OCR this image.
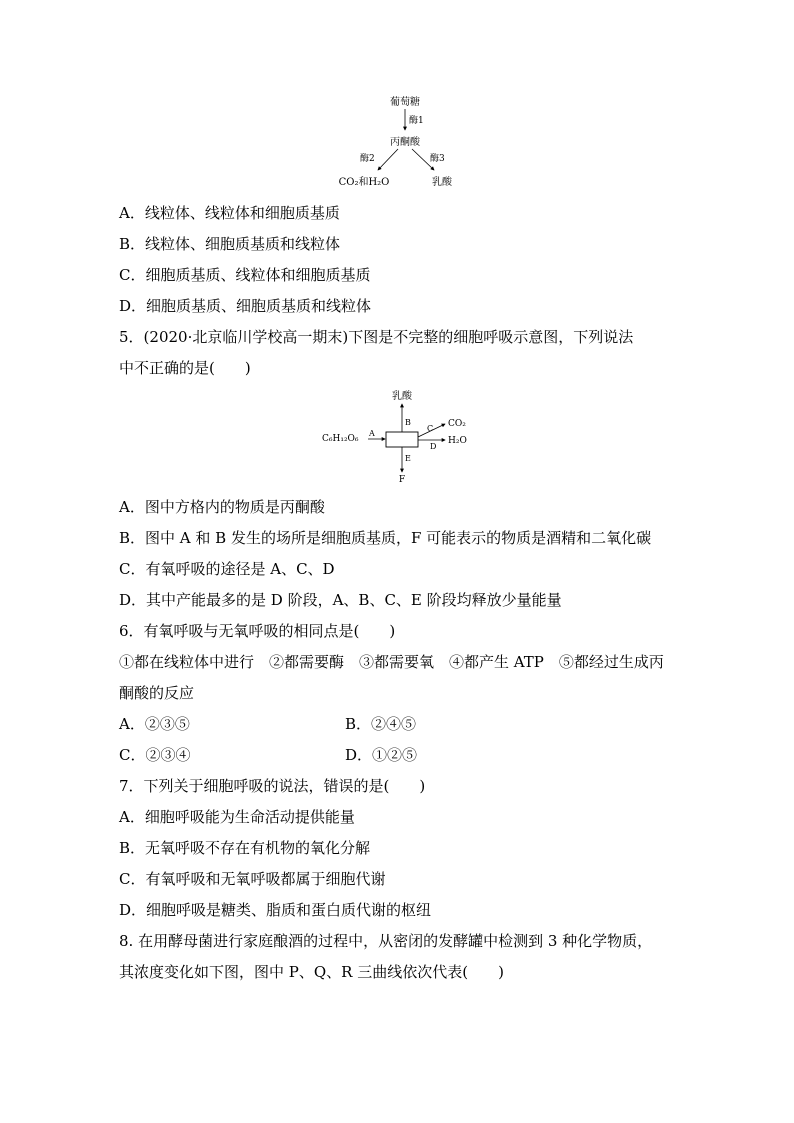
葡萄糖
酶1
丙酮酸
酶2	酶3
CO₂和H₂O	乳酸
A．线粒体、线粒体和细胞质基质
B．线粒体、细胞质基质和线粒体
C．细胞质基质、线粒体和细胞质基质
D．细胞质基质、细胞质基质和线粒体
5．(2020·北京临川学校高一期末)下图是不完整的细胞呼吸示意图，下列说法
中不正确的是(　　)
乳酸
B
C₆H₁₂O₆
A
C CO₂
D
H₂O
E
F
A．图中方格内的物质是丙酮酸
B．图中 A 和 B 发生的场所是细胞质基质，F 可能表示的物质是酒精和二氧化碳
C．有氧呼吸的途径是 A、C、D
D．其中产能最多的是 D 阶段，A、B、C、E 阶段均释放少量能量
6．有氧呼吸与无氧呼吸的相同点是(　　)
①都在线粒体中进行　②都需要酶　③都需要氧　④都产生 ATP　⑤都经过生成丙
酮酸的反应
A．②③⑤	B．②④⑤
C．②③④	D．①②⑤
7．下列关于细胞呼吸的说法，错误的是(　　)
A．细胞呼吸能为生命活动提供能量
B．无氧呼吸不存在有机物的氧化分解
C．有氧呼吸和无氧呼吸都属于细胞代谢
D．细胞呼吸是糖类、脂质和蛋白质代谢的枢纽
8. 在用酵母菌进行家庭酿酒的过程中，从密闭的发酵罐中检测到 3 种化学物质，
其浓度变化如下图，图中 P、Q、R 三曲线依次代表(　　)
